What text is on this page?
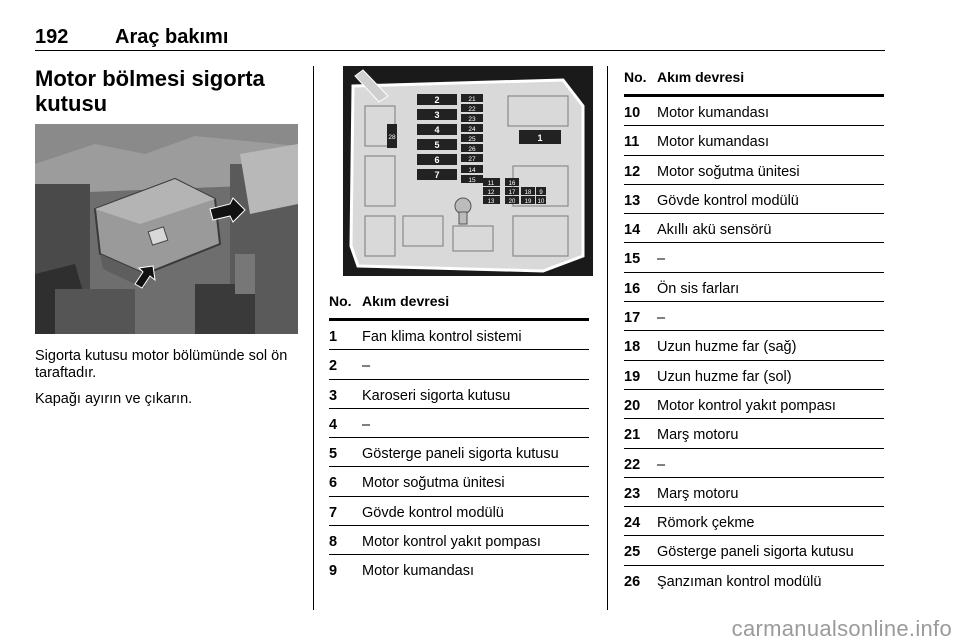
192 Araç bakımı
Motor bölmesi sigorta kutusu

Sigorta kutusu motor bölümünde sol ön taraftadır.

Kapağı ayırın ve çıkarın.

2
3
4
5
6
7
21
22
23
24
25
26
27
14
15 11
12
13
16
17 18
19
20
9
10
28	1
No. Akım devresi
1 Fan klima kontrol sistemi
2 –
3 Karoseri sigorta kutusu
4 –
5 Gösterge paneli sigorta kutusu
6 Motor soğutma ünitesi
7 Gövde kontrol modülü
8 Motor kontrol yakıt pompası
9 Motor kumandası
No. Akım devresi
10 Motor kumandası
11 Motor kumandası
12 Motor soğutma ünitesi
13 Gövde kontrol modülü
14 Akıllı akü sensörü
15 –
16 Ön sis farları
17 –
18 Uzun huzme far (sağ)
19 Uzun huzme far (sol)
20 Motor kontrol yakıt pompası
21 Marş motoru
22 –
23 Marş motoru
24 Römork çekme
25 Gösterge paneli sigorta kutusu
26 Şanzıman kontrol modülü
carmanualsonline.info
